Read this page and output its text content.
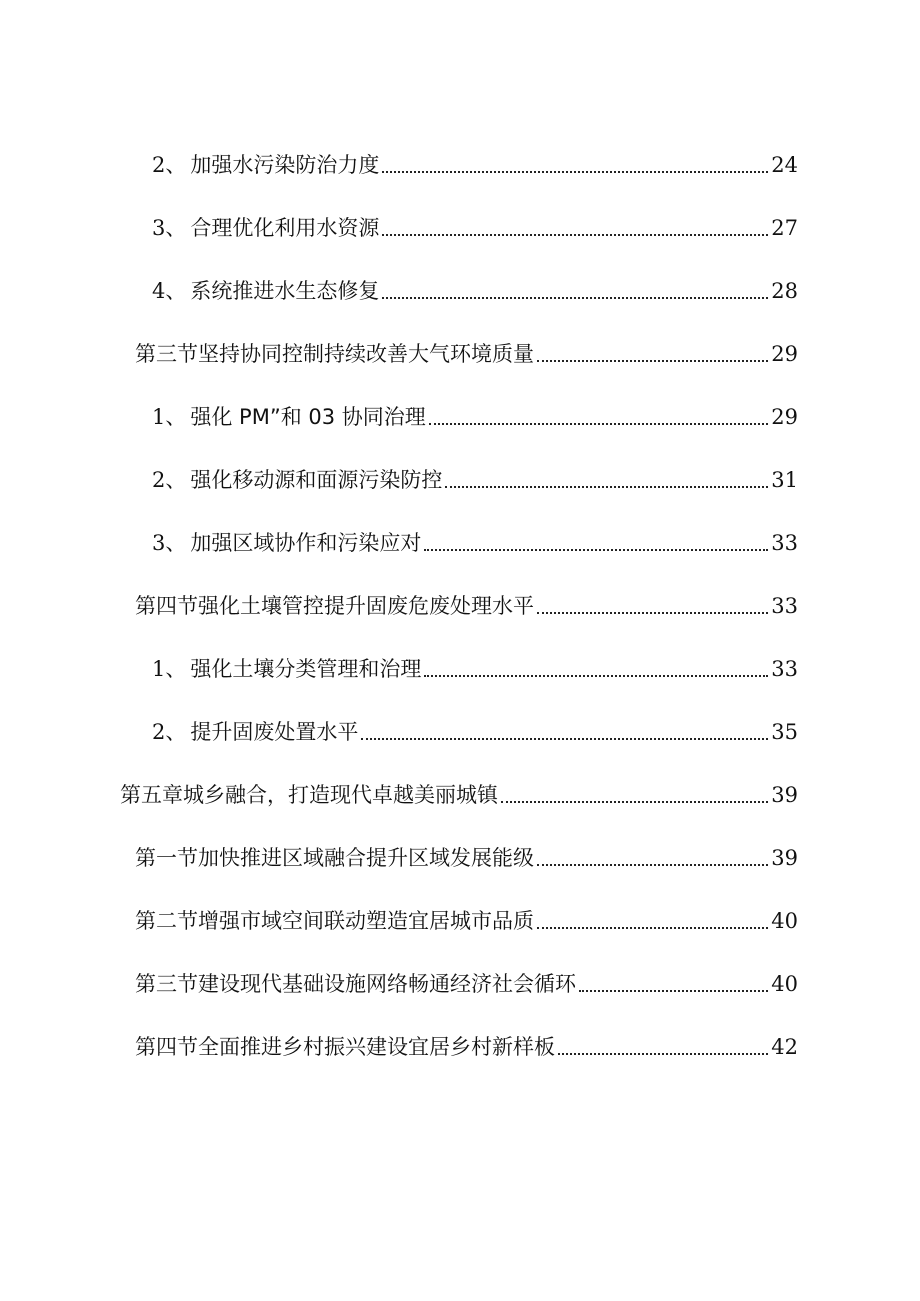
2、 加强水污染防治力度	24
3、 合理优化利用水资源	27
4、 系统推进水生态修复	28
第三节坚持协同控制持续改善大气环境质量	29
1、 强化 PM”和 03 协同治理	29
2、 强化移动源和面源污染防控	31
3、 加强区域协作和污染应对	33
第四节强化土壤管控提升固废危废处理水平	33
1、 强化土壤分类管理和治理	33
2、 提升固废处置水平	35
第五章城乡融合，打造现代卓越美丽城镇	39
第一节加快推进区域融合提升区域发展能级	39
第二节增强市域空间联动塑造宜居城市品质	40
第三节建设现代基础设施网络畅通经济社会循环	40
第四节全面推进乡村振兴建设宜居乡村新样板	42
